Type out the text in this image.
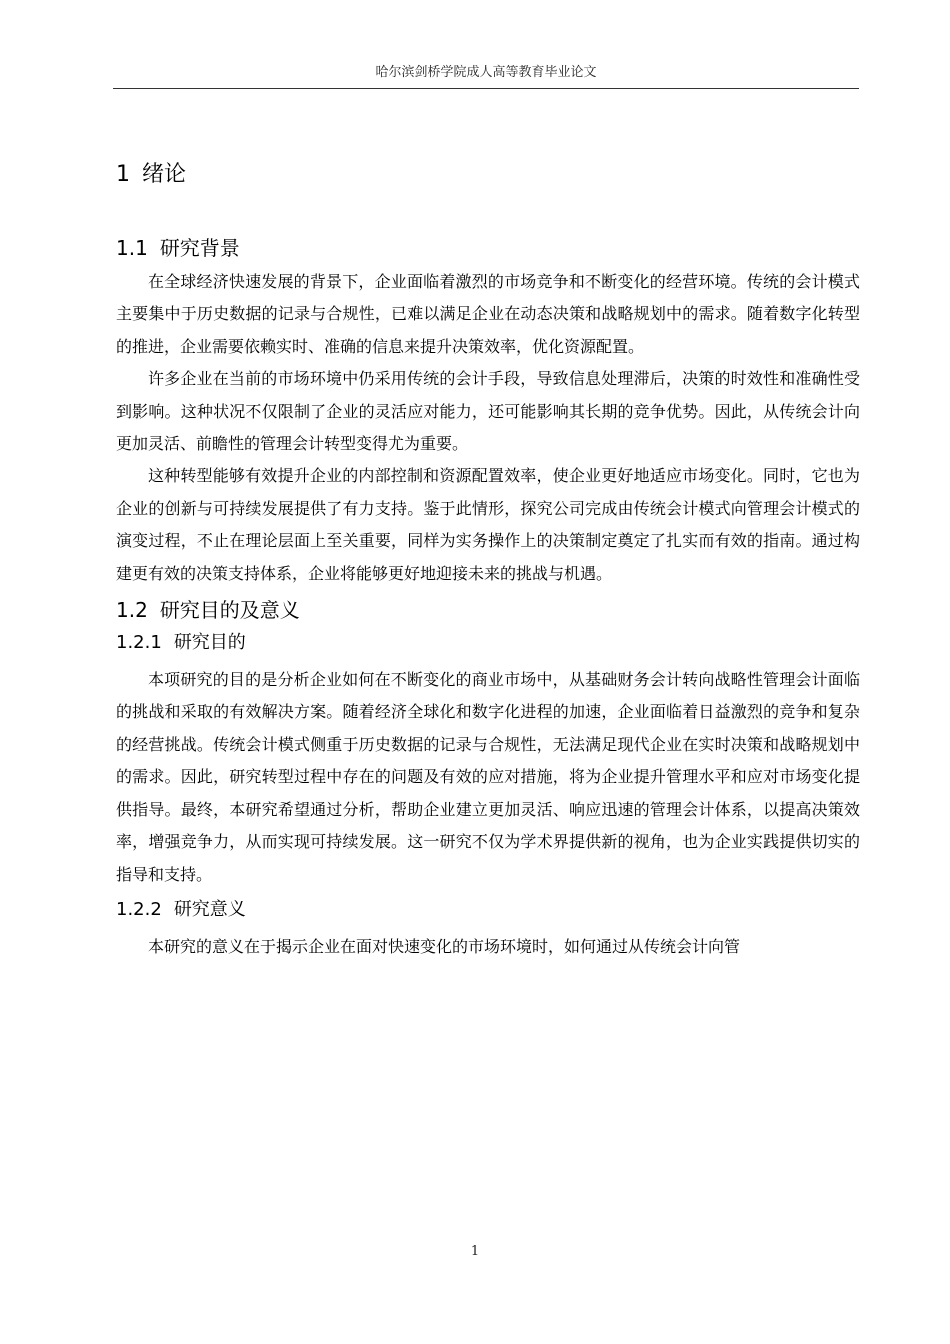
哈尔滨剑桥学院成人高等教育毕业论文
1 绪论
1.1 研究背景

在全球经济快速发展的背景下，企业面临着激烈的市场竞争和不断变化的经营环境。传统的会计模式主要集中于历史数据的记录与合规性，已难以满足企业在动态决策和战略规划中的需求。随着数字化转型的推进，企业需要依赖实时、准确的信息来提升决策效率，优化资源配置。

许多企业在当前的市场环境中仍采用传统的会计手段，导致信息处理滞后，决策的时效性和准确性受到影响。这种状况不仅限制了企业的灵活应对能力，还可能影响其长期的竞争优势。因此，从传统会计向更加灵活、前瞻性的管理会计转型变得尤为重要。

这种转型能够有效提升企业的内部控制和资源配置效率，使企业更好地适应市场变化。同时，它也为企业的创新与可持续发展提供了有力支持。鉴于此情形，探究公司完成由传统会计模式向管理会计模式的演变过程，不止在理论层面上至关重要，同样为实务操作上的决策制定奠定了扎实而有效的指南。通过构建更有效的决策支持体系，企业将能够更好地迎接未来的挑战与机遇。

1.2 研究目的及意义
1.2.1 研究目的

本项研究的目的是分析企业如何在不断变化的商业市场中，从基础财务会计转向战略性管理会计面临的挑战和采取的有效解决方案。随着经济全球化和数字化进程的加速，企业面临着日益激烈的竞争和复杂的经营挑战。传统会计模式侧重于历史数据的记录与合规性，无法满足现代企业在实时决策和战略规划中的需求。因此，研究转型过程中存在的问题及有效的应对措施，将为企业提升管理水平和应对市场变化提供指导。最终，本研究希望通过分析，帮助企业建立更加灵活、响应迅速的管理会计体系，以提高决策效率，增强竞争力，从而实现可持续发展。这一研究不仅为学术界提供新的视角，也为企业实践提供切实的指导和支持。

1.2.2 研究意义

本研究的意义在于揭示企业在面对快速变化的市场环境时，如何通过从传统会计向管

1
